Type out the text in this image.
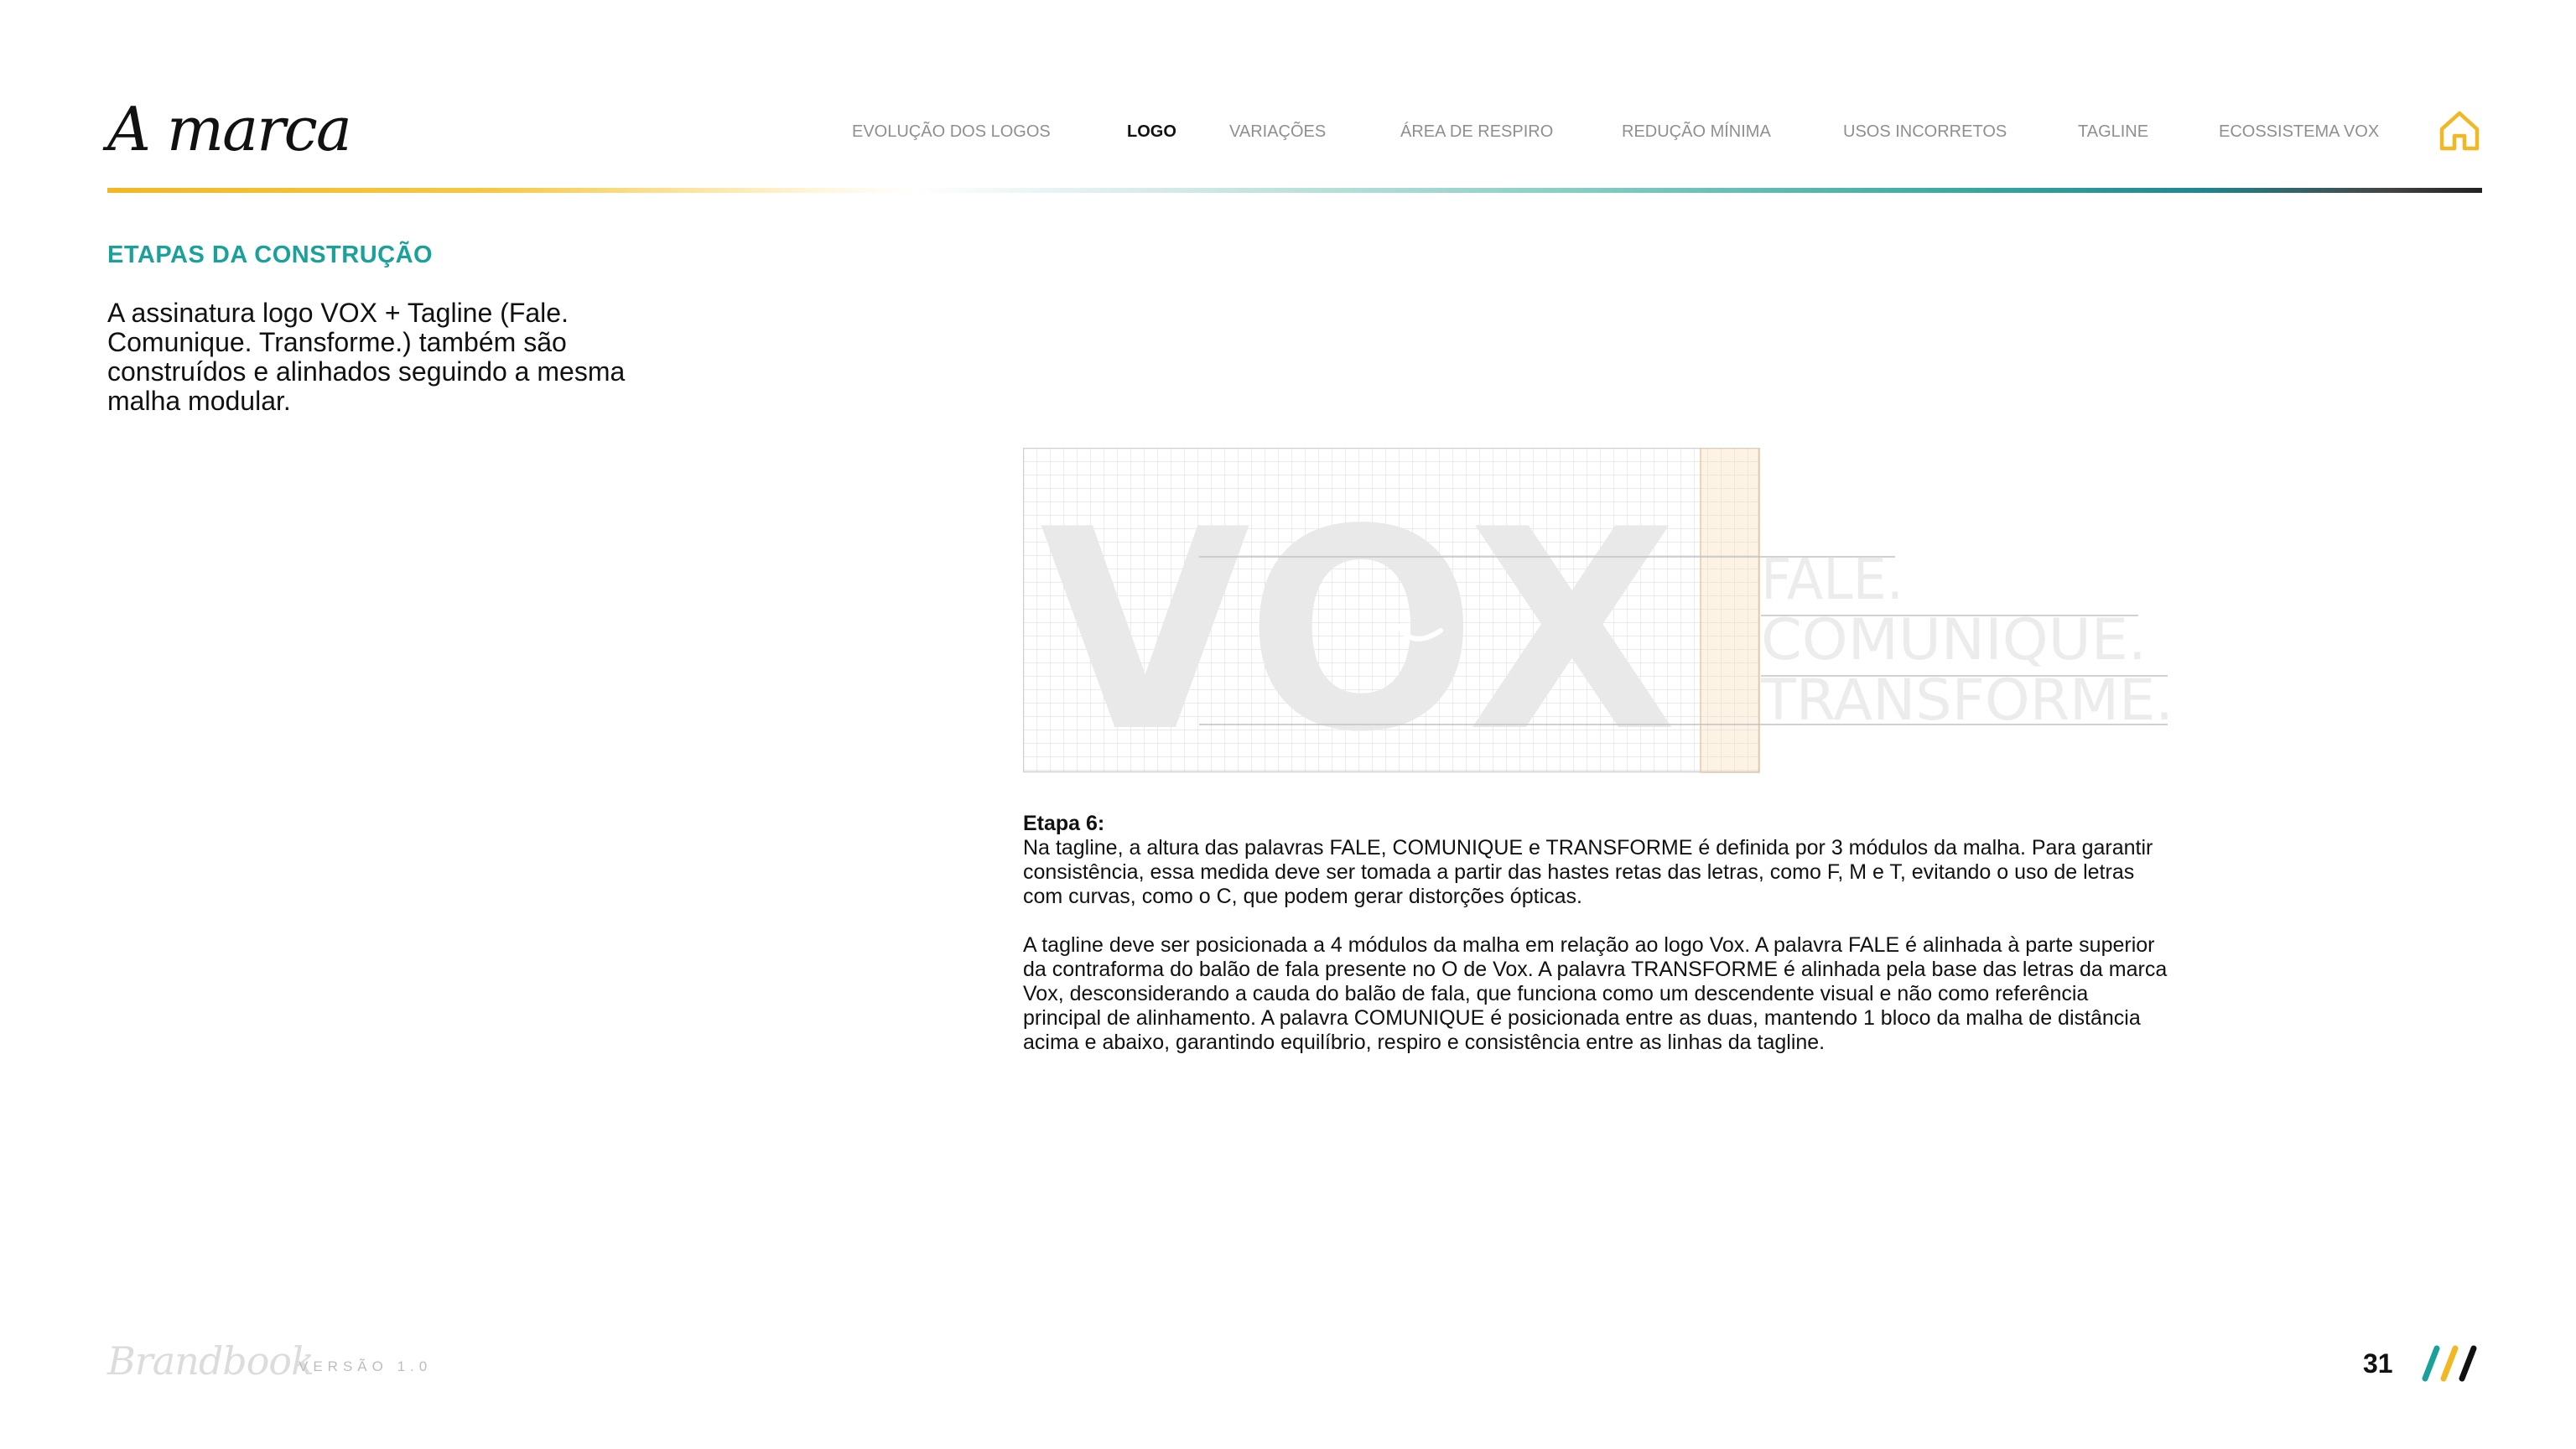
A marca	EVOLUÇÃO DOS LOGOS	LOGO	VARIAÇÕES	ÁREA DE RESPIRO	REDUÇÃO MÍNIMA	USOS INCORRETOS	TAGLINE	ECOSSISTEMA VOX
ETAPAS DA CONSTRUÇÃO
A assinatura logo VOX + Tagline (Fale. Comunique. Transforme.) também são construídos e alinhados seguindo a mesma malha modular.
VOX FALE.
COMUNIQUE.
TRANSFORME.

Etapa 6:
Na tagline, a altura das palavras FALE, COMUNIQUE e TRANSFORME é definida por 3 módulos da malha. Para garantir consistência, essa medida deve ser tomada a partir das hastes retas das letras, como F, M e T, evitando o uso de letras com curvas, como o C, que podem gerar distorções ópticas.

A tagline deve ser posicionada a 4 módulos da malha em relação ao logo Vox. A palavra FALE é alinhada à parte superior da contraforma do balão de fala presente no O de Vox. A palavra TRANSFORME é alinhada pela base das letras da marca Vox, desconsiderando a cauda do balão de fala, que funciona como um descendente visual e não como referência principal de alinhamento. A palavra COMUNIQUE é posicionada entre as duas, mantendo 1 bloco da malha de distância acima e abaixo, garantindo equilíbrio, respiro e consistência entre as linhas da tagline.

Brandbook
VERSÃO 1.0	31
